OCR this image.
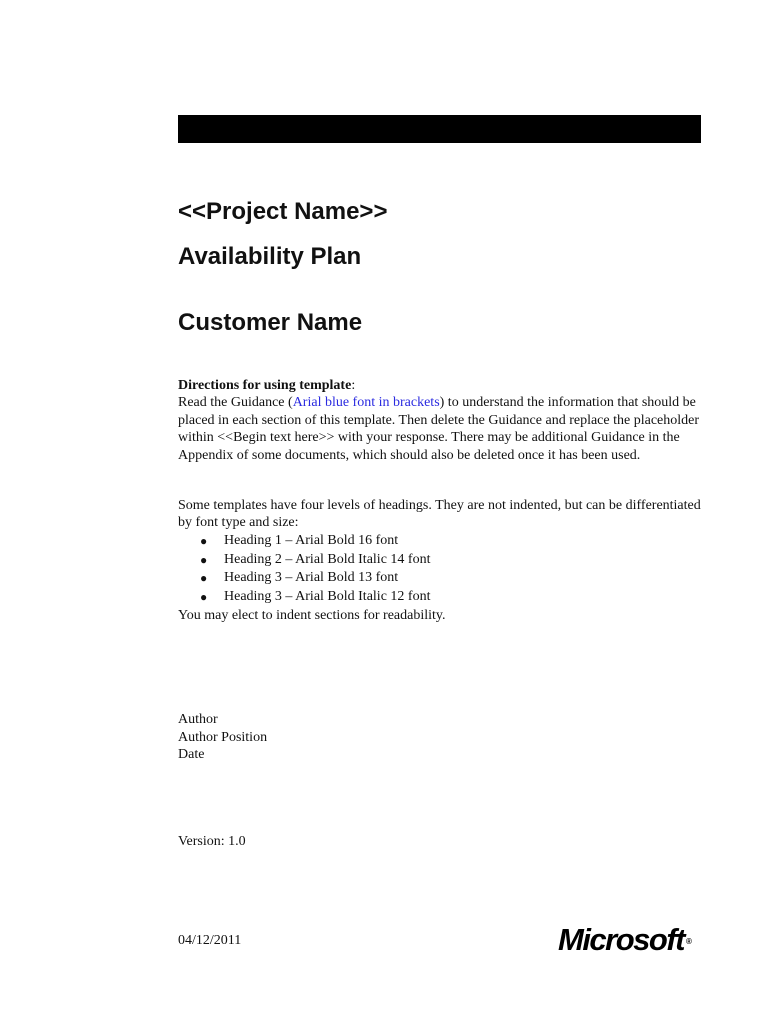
<<Project Name>>
Availability Plan
Customer Name
Directions for using template:
Read the Guidance (Arial blue font in brackets) to understand the information that should be placed in each section of this template. Then delete the Guidance and replace the placeholder within <<Begin text here>> with your response. There may be additional Guidance in the Appendix of some documents, which should also be deleted once it has been used.

Some templates have four levels of headings. They are not indented, but can be differentiated by font type and size:

● Heading 1 – Arial Bold 16 font
● Heading 2 – Arial Bold Italic 14 font
● Heading 3 – Arial Bold 13 font
● Heading 3 – Arial Bold Italic 12 font

You may elect to indent sections for readability.

Author
Author Position
Date
Version: 1.0
04/12/2011	Microsoft ®
